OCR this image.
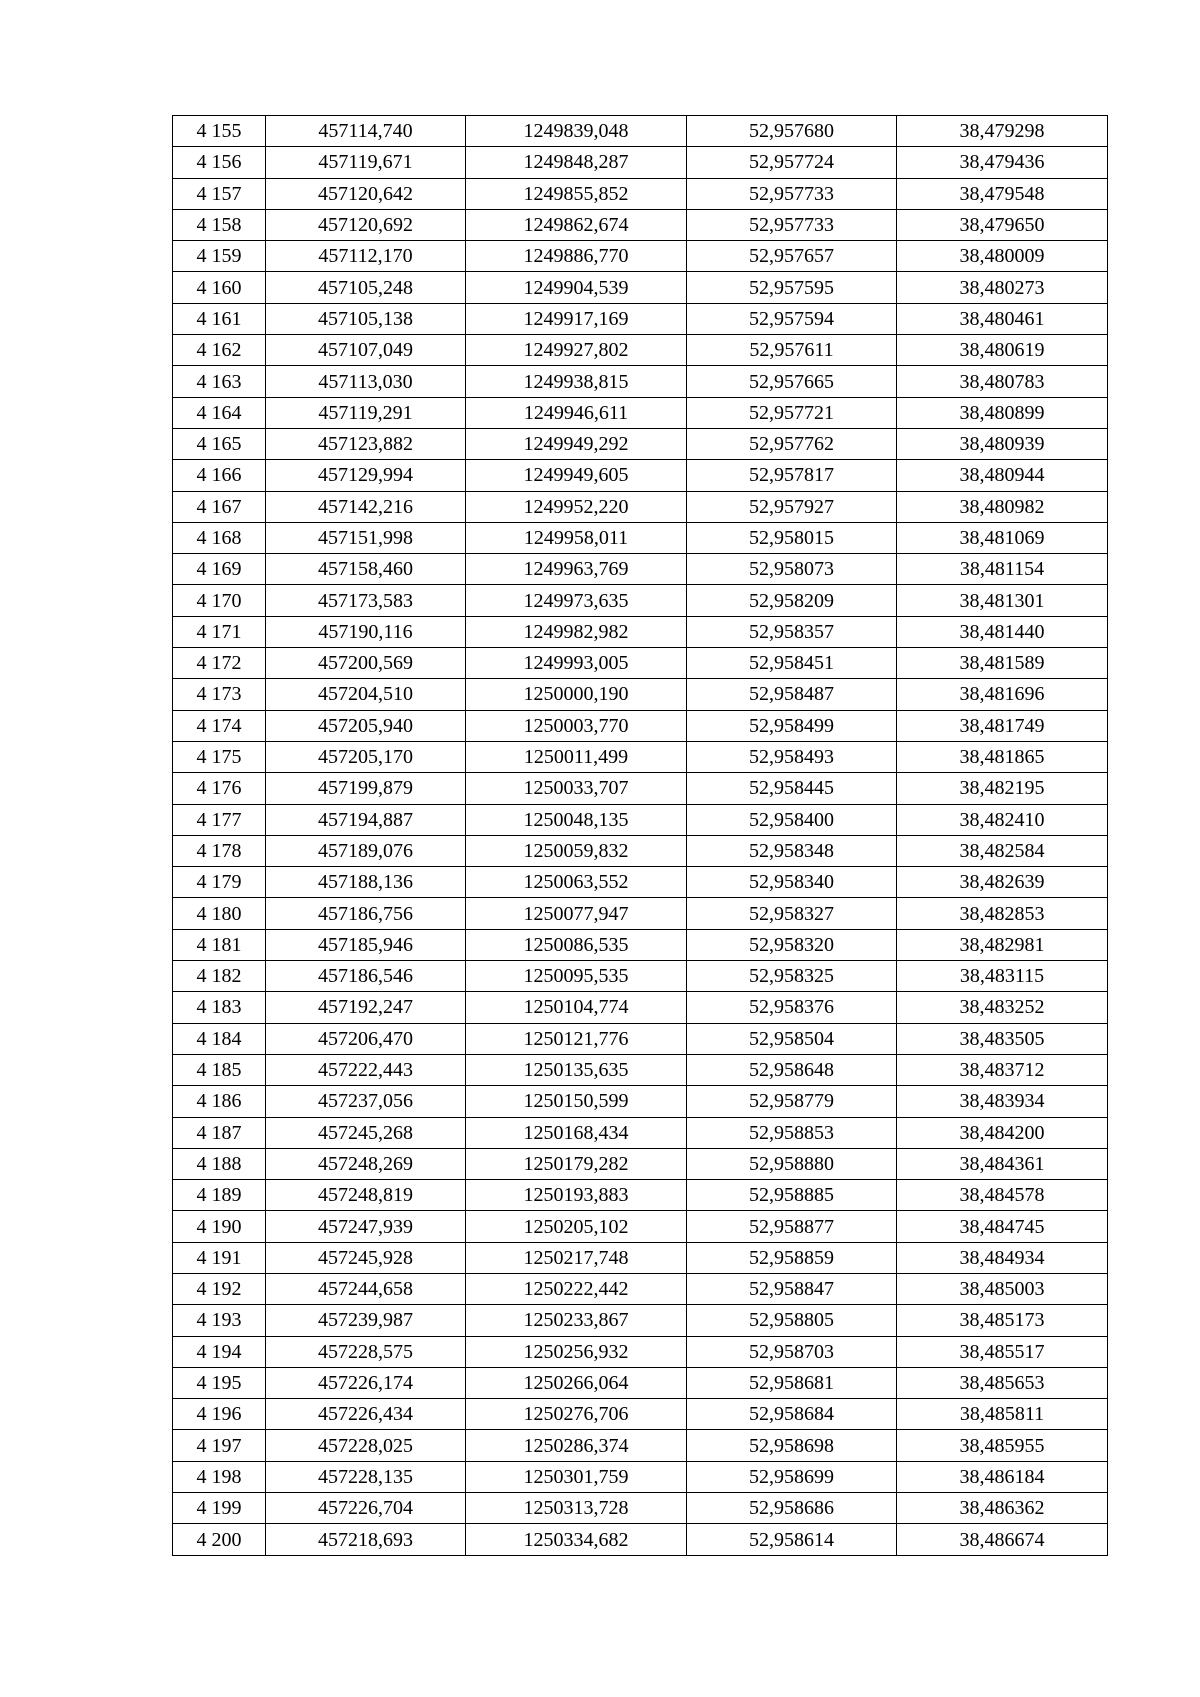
4 155	457114,740	1249839,048	52,957680	38,479298
4 156	457119,671	1249848,287	52,957724	38,479436
4 157	457120,642	1249855,852	52,957733	38,479548
4 158	457120,692	1249862,674	52,957733	38,479650
4 159	457112,170	1249886,770	52,957657	38,480009
4 160	457105,248	1249904,539	52,957595	38,480273
4 161	457105,138	1249917,169	52,957594	38,480461
4 162	457107,049	1249927,802	52,957611	38,480619
4 163	457113,030	1249938,815	52,957665	38,480783
4 164	457119,291	1249946,611	52,957721	38,480899
4 165	457123,882	1249949,292	52,957762	38,480939
4 166	457129,994	1249949,605	52,957817	38,480944
4 167	457142,216	1249952,220	52,957927	38,480982
4 168	457151,998	1249958,011	52,958015	38,481069
4 169	457158,460	1249963,769	52,958073	38,481154
4 170	457173,583	1249973,635	52,958209	38,481301
4 171	457190,116	1249982,982	52,958357	38,481440
4 172	457200,569	1249993,005	52,958451	38,481589
4 173	457204,510	1250000,190	52,958487	38,481696
4 174	457205,940	1250003,770	52,958499	38,481749
4 175	457205,170	1250011,499	52,958493	38,481865
4 176	457199,879	1250033,707	52,958445	38,482195
4 177	457194,887	1250048,135	52,958400	38,482410
4 178	457189,076	1250059,832	52,958348	38,482584
4 179	457188,136	1250063,552	52,958340	38,482639
4 180	457186,756	1250077,947	52,958327	38,482853
4 181	457185,946	1250086,535	52,958320	38,482981
4 182	457186,546	1250095,535	52,958325	38,483115
4 183	457192,247	1250104,774	52,958376	38,483252
4 184	457206,470	1250121,776	52,958504	38,483505
4 185	457222,443	1250135,635	52,958648	38,483712
4 186	457237,056	1250150,599	52,958779	38,483934
4 187	457245,268	1250168,434	52,958853	38,484200
4 188	457248,269	1250179,282	52,958880	38,484361
4 189	457248,819	1250193,883	52,958885	38,484578
4 190	457247,939	1250205,102	52,958877	38,484745
4 191	457245,928	1250217,748	52,958859	38,484934
4 192	457244,658	1250222,442	52,958847	38,485003
4 193	457239,987	1250233,867	52,958805	38,485173
4 194	457228,575	1250256,932	52,958703	38,485517
4 195	457226,174	1250266,064	52,958681	38,485653
4 196	457226,434	1250276,706	52,958684	38,485811
4 197	457228,025	1250286,374	52,958698	38,485955
4 198	457228,135	1250301,759	52,958699	38,486184
4 199	457226,704	1250313,728	52,958686	38,486362
4 200	457218,693	1250334,682	52,958614	38,486674
